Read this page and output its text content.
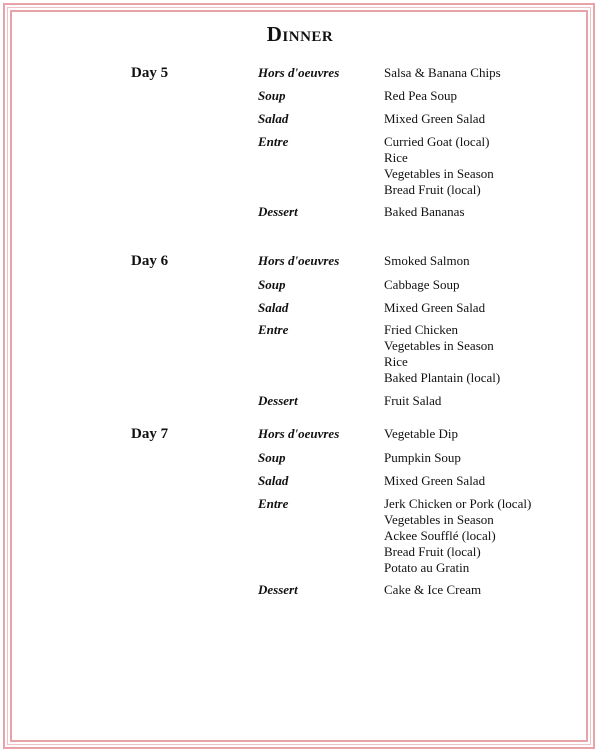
Dinner
Day 5	Hors d'oeuvres	Salsa & Banana Chips
Soup	Red Pea Soup
Salad	Mixed Green Salad
Entre	Curried Goat (local)
Rice
Vegetables in Season
Bread Fruit (local)
Dessert	Baked Bananas
Day 6	Hors d'oeuvres	Smoked Salmon
Soup	Cabbage Soup
Salad	Mixed Green Salad
Entre	Fried Chicken
Vegetables in Season
Rice
Baked Plantain (local)
Dessert	Fruit Salad
Day 7	Hors d'oeuvres	Vegetable Dip
Soup	Pumpkin Soup
Salad	Mixed Green Salad
Entre	Jerk Chicken or Pork (local)
Vegetables in Season
Ackee Soufflé (local)
Bread Fruit (local)
Potato au Gratin
Dessert	Cake & Ice Cream
